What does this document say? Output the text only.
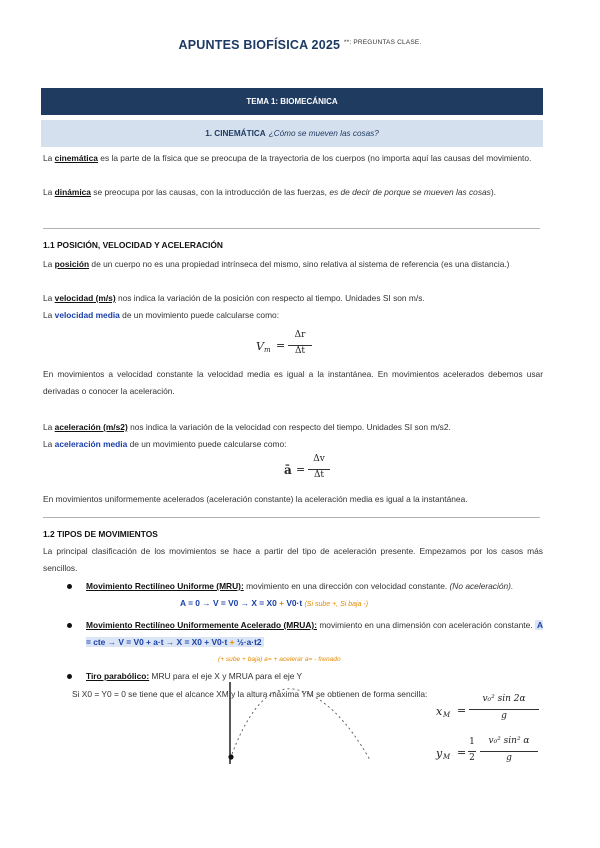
APUNTES BIOFÍSICA 2025 $^{**: PREGUNTAS CLASE.}$
TEMA 1: BIOMECÁNICA
1. CINEMÁTICA ¿Cómo se mueven las cosas?
La cinemática es la parte de la física que se preocupa de la trayectoria de los cuerpos (no importa aquí las causas del movimiento.
La dinámica se preocupa por las causas, con la introducción de las fuerzas, es de decir de porque se mueven las cosas).
1.1 POSICIÓN, VELOCIDAD Y ACELERACIÓN
La posición de un cuerpo no es una propiedad intrínseca del mismo, sino relativa al sistema de referencia (es una distancia.)
La velocidad (m/s) nos indica la variación de la posición con respecto al tiempo. Unidades SI son m/s.
La velocidad media de un movimiento puede calcularse como:
V m =
Δr
Δt
En movimientos a velocidad constante la velocidad media es igual a la instantánea. En movimientos acelerados debemos usar derivadas o conocer la aceleración.
La aceleración (m/s2) nos indica la variación de la velocidad con respecto del tiempo. Unidades SI son m/s2.
La aceleración media de un movimiento puede calcularse como:
ā =
Δv
Δt
En movimientos uniformemente acelerados (aceleración constante) la aceleración media es igual a la instantánea.
1.2 TIPOS DE MOVIMIENTOS
La principal clasificación de los movimientos se hace a partir del tipo de aceleración presente. Empezamos por los casos más sencillos.
Movimiento Rectilíneo Uniforme (MRU): movimiento en una dirección con velocidad constante. (No aceleración).
A = 0 → V = V0 → X = X0 + V0·t (Si sube +, Si baja -)
Movimiento Rectilíneo Uniformemente Acelerado (MRUA): movimiento en una dimensión con aceleración constante. A = cte → V = V0 + a·t → X = X0 + V0·t + ½·a·t2
(+ sube + baja) a= + acelerar a= - frenado
Tiro parabólico: MRU para el eje X y MRUA para el eje Y
Si X0 = Y0 = 0 se tiene que el alcance XM y la altura máxima YM se obtienen de forma sencilla:
x M =
v₀² sin 2α
g
y M =
1
2
v₀² sin² α
g
